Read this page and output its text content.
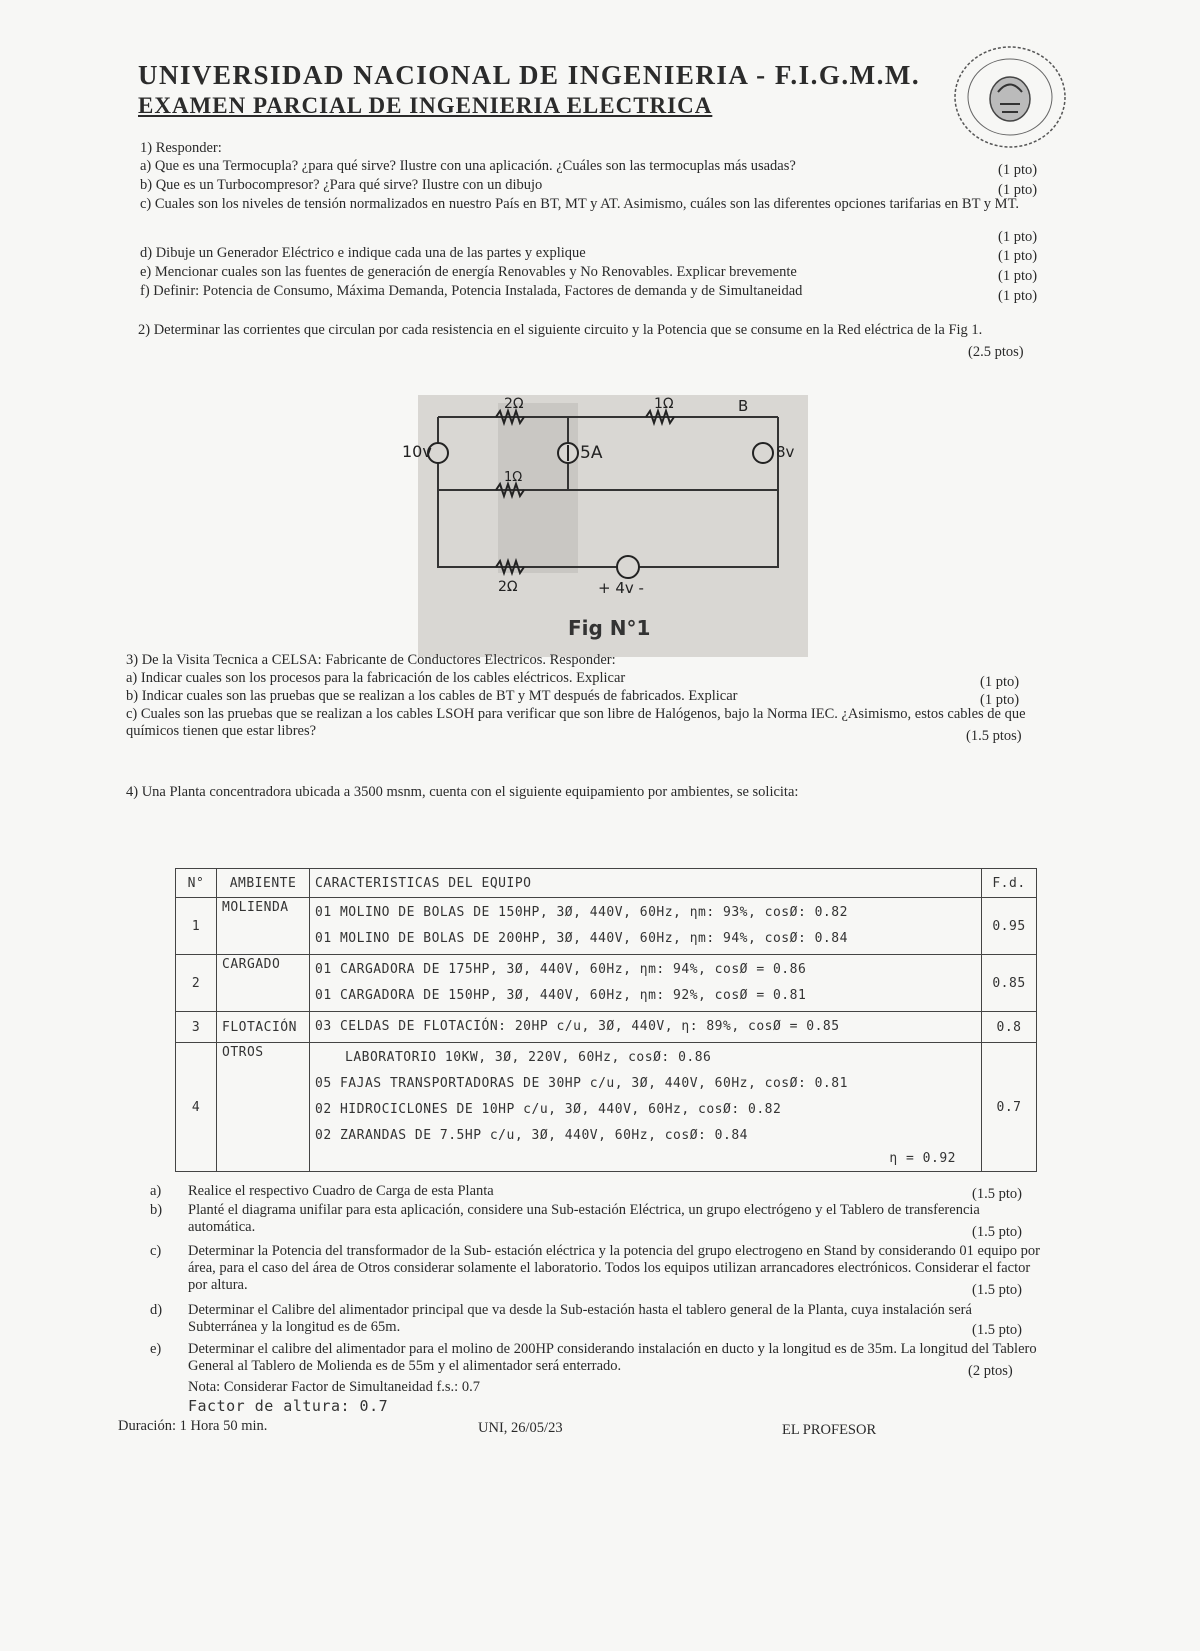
UNIVERSIDAD NACIONAL DE INGENIERIA - F.I.G.M.M.
EXAMEN PARCIAL DE INGENIERIA ELECTRICA
1) Responder:
a) Que es una Termocupla? ¿para qué sirve? Ilustre con una aplicación. ¿Cuáles son las termocuplas más usadas?	(1 pto)
b) Que es un Turbocompresor? ¿Para qué sirve? Ilustre con un dibujo	(1 pto)
c) Cuales son los niveles de tensión normalizados en nuestro País en BT, MT y AT. Asimismo, cuáles son las diferentes opciones tarifarias en BT y MT.
(1 pto)
d) Dibuje un Generador Eléctrico e indique cada una de las partes y explique	(1 pto)
e) Mencionar cuales son las fuentes de generación de energía Renovables y No Renovables. Explicar brevemente	(1 pto)
f) Definir: Potencia de Consumo, Máxima Demanda, Potencia Instalada, Factores de demanda y de Simultaneidad	(1 pto)
2) Determinar las corrientes que circulan por cada resistencia en el siguiente circuito y la Potencia que se consume en la Red eléctrica de la Fig 1.
(2.5 ptos)
2Ω	1Ω
1Ω
2Ω
10v	8v
5A
+ 4v -
B
Fig N°1
3) De la Visita Tecnica a CELSA: Fabricante de Conductores Electricos. Responder:
a) Indicar cuales son los procesos para la fabricación de los cables eléctricos. Explicar	(1 pto)
b) Indicar cuales son las pruebas que se realizan a los cables de BT y MT después de fabricados. Explicar	(1 pto)
c) Cuales son las pruebas que se realizan a los cables LSOH para verificar que son libre de Halógenos, bajo la Norma IEC. ¿Asimismo, estos cables de que químicos tienen que estar libres?	(1.5 ptos)
4) Una Planta concentradora ubicada a 3500 msnm, cuenta con el siguiente equipamiento por ambientes, se solicita:
N°	AMBIENTE	CARACTERISTICAS DEL EQUIPO	F.d.
1	MOLIENDA	01 MOLINO DE BOLAS DE 150HP, 3Ø, 440V, 60Hz, ηm: 93%, cosØ: 0.82
01 MOLINO DE BOLAS DE 200HP, 3Ø, 440V, 60Hz, ηm: 94%, cosØ: 0.84	0.95
2	CARGADO	01 CARGADORA DE 175HP, 3Ø, 440V, 60Hz, ηm: 94%, cosØ = 0.86
01 CARGADORA DE 150HP, 3Ø, 440V, 60Hz, ηm: 92%, cosØ = 0.81	0.85
3	FLOTACIÓN	03 CELDAS DE FLOTACIÓN: 20HP c/u, 3Ø, 440V, η: 89%, cosØ = 0.85	0.8
4	OTROS	LABORATORIO 10KW, 3Ø, 220V, 60Hz, cosØ: 0.86
05 FAJAS TRANSPORTADORAS DE 30HP c/u, 3Ø, 440V, 60Hz, cosØ: 0.81
02 HIDROCICLONES DE 10HP c/u, 3Ø, 440V, 60Hz, cosØ: 0.82
02 ZARANDAS DE 7.5HP c/u, 3Ø, 440V, 60Hz, cosØ: 0.84
η = 0.92	0.7
a) Realice el respectivo Cuadro de Carga de esta Planta	(1.5 pto)
b) Planté el diagrama unifilar para esta aplicación, considere una Sub-estación Eléctrica, un grupo electrógeno y el Tablero de transferencia automática.	(1.5 pto)
c) Determinar la Potencia del transformador de la Sub- estación eléctrica y la potencia del grupo electrogeno en Stand by considerando 01 equipo por área, para el caso del área de Otros considerar solamente el laboratorio. Todos los equipos utilizan arrancadores electrónicos. Considerar el factor por altura.	(1.5 pto)
d) Determinar el Calibre del alimentador principal que va desde la Sub-estación hasta el tablero general de la Planta, cuya instalación será Subterránea y la longitud es de 65m.	(1.5 pto)
e) Determinar el calibre del alimentador para el molino de 200HP considerando instalación en ducto y la longitud es de 35m. La longitud del Tablero General al Tablero de Molienda es de 55m y el alimentador será enterrado.	(2 ptos)
Nota: Considerar Factor de Simultaneidad f.s.: 0.7
Factor de altura: 0.7
Duración: 1 Hora 50 min.	UNI, 26/05/23	EL PROFESOR
